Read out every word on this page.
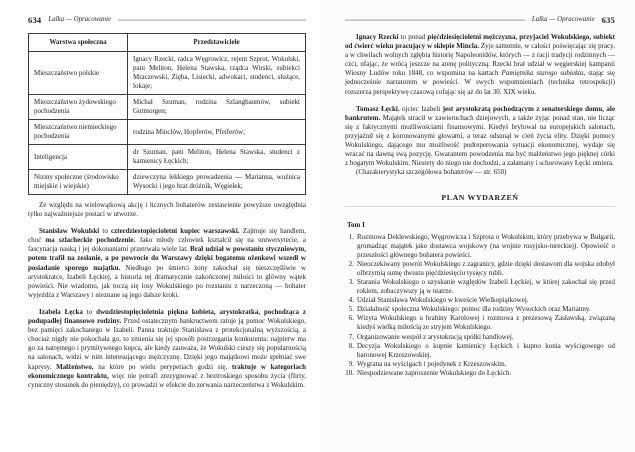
634 Lalka — Opracowanie
Warstwa społeczna	Przedstawiciele
Mieszczaństwo polskie	Ignacy Rzecki, radca Węgrowicz, rejent Szprot, Wokulski, pani Meliton, Helena Stawska, rządca Wirski, subiekci Mraczewski, Zięba, Lisiecki, adwokaci, studenci, służące, lokaje;
Mieszczaństwo żydowskiego pochodzenia	Michał Szuman, rodzina Szlangbaumów, subiekt Gutmorgen;
Mieszczaństwo niemieckiego pochodzenia	rodzina Minclów, Hopferów, Pfeiferów;
Inteligencja	dr Szuman, pani Meliton, Helena Stawska, studenci z kamienicy Łęckich;
Niziny społeczne (środowisko miejskie i wiejskie)	dziewczyna lekkiego prowadzenia — Marianna, woźnica Wysocki i jego brat dróżnik, Węgiełek;

Ze względu na wielowątkową akcję i licznych bohaterów zestawienie powyższe uwzględnia tylko najważniejsze postaci w utworze.

Stanisław Wokulski to czterdziestopięcioletni kupiec warszawski. Zajmuje się handlem, choć ma szlacheckie pochodzenie. Jako młody człowiek kształcił się na uniwersytecie, a fascynacja nauką i jej dokonaniami przetrwała wiele lat. Brał udział w powstaniu styczniowym, potem trafił na zesłanie, a po powrocie do Warszawy dzięki bogatemu ożenkowi wszedł w posiadanie sporego majątku. Niedługo po śmierci żony zakochał się nieszczęśliwie w arystokratce, Izabeli Łęckiej, a historia tej dramatycznie zakończonej miłości to główny wątek powieści. Nie wiadomo, jak toczą się losy Wokulskiego po rozstaniu z narzeczoną — bohater wyjeżdża z Warszawy i nieznane są jego dalsze kroki.

Izabela Łęcka to dwudziestopięcioletnia piękna kobieta, arystokratka, pochodząca z podupadłej finansowo rodziny. Przed ostatecznym bankructwem ratuje ją pomoc Wokulskiego, bez pamięci zakochanego w Izabeli. Panna traktuje Stanisława z protekcjonalną wyższością, a chociaż nigdy nie pokochała go, to zmienia się jej sposób postrzegania konkurenta: najpierw ma go za natrętnego i prymitywnego kupca, ale kiedy zauważa, że Wokulski cieszy się popularnością na salonach, widzi w nim interesującego mężczyznę. Dzięki jego majątkowi może spełniać swe kaprysy. Małżeństwo, na które po wielu perypetiach godzi się, traktuje w kategoriach ekonomicznego kontraktu, więc nie potrafi zrezygnować z beztroskiego sposobu życia (flirty, cyniczny stosunek do pieniędzy), co prowadzi w efekcie do zerwania narzeczeństwa z Wokulskim.

Lalka — Opracowanie 635

Ignacy Rzecki to ponad pięćdziesięcioletni mężczyzna, przyjaciel Wokulskiego, subiekt od ćwierć wieku pracujący w sklepie Mincla. Żyje samotnie, w całości poświęcając się pracy, a w chwilach wolnych zgłębia historię Napoleonidów, których — z racji tradycji rodzinnych — czci, ufając, że wrócą jeszcze na arenę polityczną. Rzecki brał udział w węgierskiej kampanii Wiosny Ludów roku 1848, co wspomina na kartach Pamiętnika starego subiekta, stając się jednocześnie narratorem w powieści. W swych wspomnieniach (technika retrospekcji) rozszerza perspektywę czasową cofając się aż do lat 30. XIX wieku.

Tomasz Łęcki, ojciec Izabeli jest arystokratą pochodzącym z senatorskiego domu, ale bankrutem. Majątek stracił w zawieruchach dziejowych, a także żyjąc ponad stan, nie licząc się z faktycznymi możliwościami finansowymi. Kiedyś brylował na europejskich salonach, przyjaźnił się z koronowanymi głowami, a teraz odsunął w cień życia elity. Dzięki pomocy Wokulskiego, dającego mu możliwość podreperowania sytuacji ekonomicznej, wydaje się wracać na dawną swą pozycję. Gwarantem powodzenia ma być małżeństwo jego pięknej córki z bogatym Wokulskim. Niestety do niego nie dochodzi, a załamany i schorowany Łęcki umiera.

(Charakterystyka szczegółowa bohaterów — str. 650)

PLAN WYDARZEŃ

Tom I

1. Rozmowa Deklewskiego, Węgrowicza i Szprota o Wokulskim, który przebywa w Bułgarii, gromadząc majątek jako dostawca wojskowy (na wojnie rosyjsko-tureckiej). Opowieść o przeszłości głównego bohatera powieści.
2. Nieoczekiwany powrót Wokulskiego z zagranicy, gdzie dzięki dostawom dla wojska zdobył olbrzymią sumę dwustu pięćdziesięciu tysięcy rubli.
3. Starania Wokulskiego o uzyskanie względów Izabeli Łęckiej, w której zakochał się przed rokiem, zobaczywszy ją w teatrze.
4. Udział Stanisława Wokulskiego w kweście Wielkopiątkowej.
5. Działalność społeczna Wokulskiego: pomoc dla rodziny Wysockich oraz Marianny.
6. Wizyta Wokulskiego u hrabiny Karolowej i rozmowa z prezesową Zasławską, związaną kiedyś wielką miłością ze stryjem Wokulskiego.
7. Organizowanie wespół z arystokracją spółki handlowej.
8. Decyzja Wokulskiego o kupnie kamienicy Łęckich i kupno konia wyścigowego od baronowej Krzeszowskiej.
9. Wygrana na wyścigach i pojedynek z Krzeszowskim.
10. Niespodziewane zaproszenie Wokulskiego do Łęckich.
